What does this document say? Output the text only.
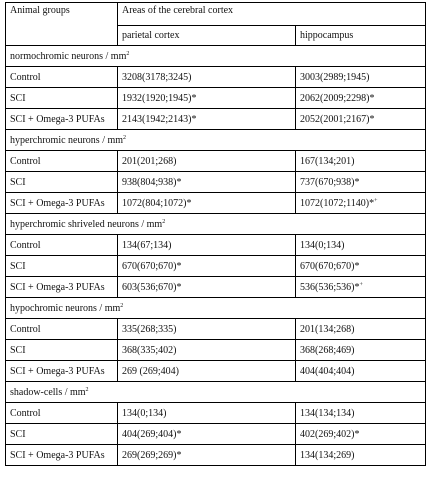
Animal groups	Areas of the cerebral cortex	
	parietal cortex	hippocampus
normochromic neurons / $mm^2$
Control	3208(3178;3245)	3003(2989;1945)
SCI	1932(1920;1945)*	2062(2009;2298)*
SCI + Omega-3 PUFAs	2143(1942;2143)*	2052(2001;2167)*
hyperchromic neurons / $mm^2$
Control	201(201;268)	167(134;201)
SCI	938(804;938)*	737(670;938)*
SCI + Omega-3 PUFAs	1072(804;1072)*	1072(1072;1140)*+
hyperchromic shriveled neurons / $mm^2$
Control	134(67;134)	134(0;134)
SCI	670(670;670)*	670(670;670)*
SCI + Omega-3 PUFAs	603(536;670)*	536(536;536)*+
hypochromic neurons / $mm^2$
Control	335(268;335)	201(134;268)
SCI	368(335;402)	368(268;469)
SCI + Omega-3 PUFAs	269 (269;404)	404(404;404)
shadow-cells / $mm^2$
Control	134(0;134)	134(134;134)
SCI	404(269;404)*	402(269;402)*
SCI + Omega-3 PUFAs	269(269;269)*	134(134;269)
